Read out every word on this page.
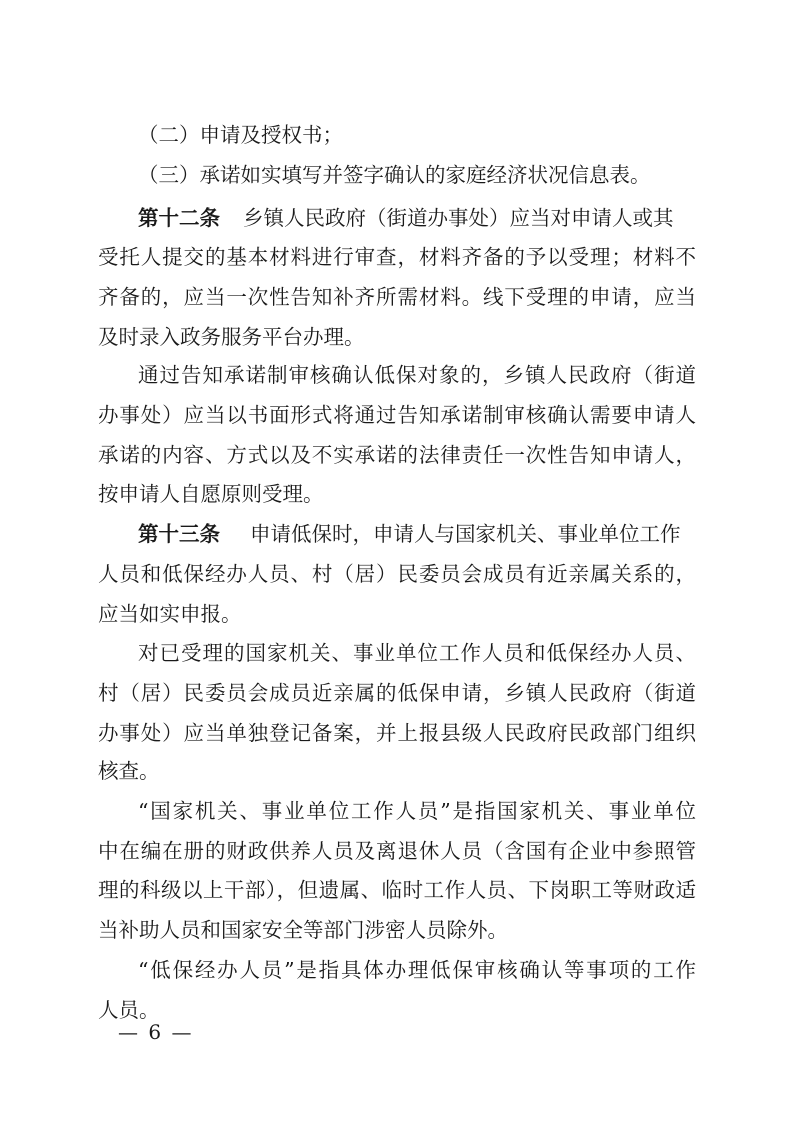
（二）申请及授权书；
（三）承诺如实填写并签字确认的家庭经济状况信息表。
第十二条 乡镇人民政府（街道办事处）应当对申请人或其
受托人提交的基本材料进行审查，材料齐备的予以受理；材料不
齐备的，应当一次性告知补齐所需材料。线下受理的申请，应当
及时录入政务服务平台办理。
通过告知承诺制审核确认低保对象的，乡镇人民政府（街道
办事处）应当以书面形式将通过告知承诺制审核确认需要申请人
承诺的内容、方式以及不实承诺的法律责任一次性告知申请人，
按申请人自愿原则受理。
第十三条 申请低保时，申请人与国家机关、事业单位工作
人员和低保经办人员、村（居）民委员会成员有近亲属关系的，
应当如实申报。
对已受理的国家机关、事业单位工作人员和低保经办人员、
村（居）民委员会成员近亲属的低保申请，乡镇人民政府（街道
办事处）应当单独登记备案，并上报县级人民政府民政部门组织
核查。
“国家机关、事业单位工作人员”是指国家机关、事业单位
中在编在册的财政供养人员及离退休人员（含国有企业中参照管
理的科级以上干部），但遗属、临时工作人员、下岗职工等财政适
当补助人员和国家安全等部门涉密人员除外。
“低保经办人员”是指具体办理低保审核确认等事项的工作
人员。
— 6 —
